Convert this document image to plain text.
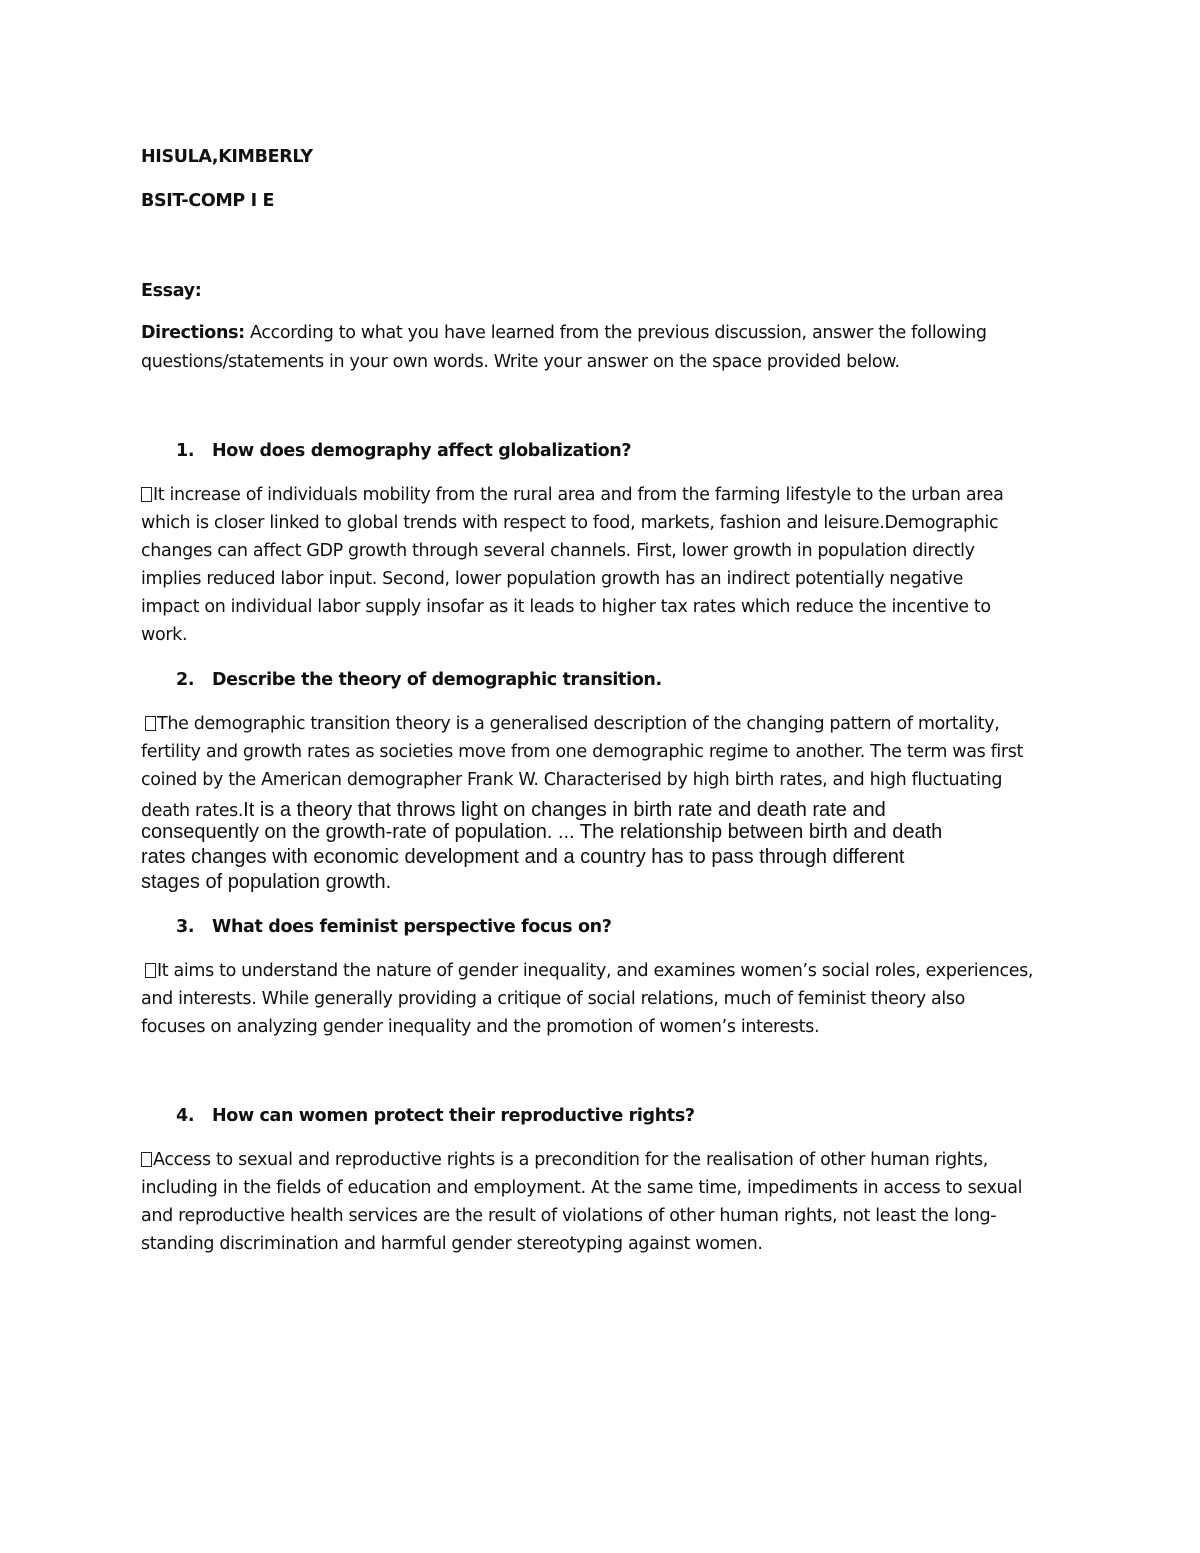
HISULA,KIMBERLY
BSIT-COMP I E
Essay:
Directions: According to what you have learned from the previous discussion, answer the following
questions/statements in your own words. Write your answer on the space provided below.
1. How does demography affect globalization?
It increase of individuals mobility from the rural area and from the farming lifestyle to the urban area
which is closer linked to global trends with respect to food, markets, fashion and leisure.Demographic
changes can affect GDP growth through several channels. First, lower growth in population directly
implies reduced labor input. Second, lower population growth has an indirect potentially negative
impact on individual labor supply insofar as it leads to higher tax rates which reduce the incentive to
work.
2. Describe the theory of demographic transition.
The demographic transition theory is a generalised description of the changing pattern of mortality,
fertility and growth rates as societies move from one demographic regime to another. The term was first
coined by the American demographer Frank W. Characterised by high birth rates, and high fluctuating
death rates.It is a theory that throws light on changes in birth rate and death rate and
consequently on the growth-rate of population. ... The relationship between birth and death
rates changes with economic development and a country has to pass through different
stages of population growth.
3. What does feminist perspective focus on?
It aims to understand the nature of gender inequality, and examines women’s social roles, experiences,
and interests. While generally providing a critique of social relations, much of feminist theory also
focuses on analyzing gender inequality and the promotion of women’s interests.
4. How can women protect their reproductive rights?
Access to sexual and reproductive rights is a precondition for the realisation of other human rights,
including in the fields of education and employment. At the same time, impediments in access to sexual
and reproductive health services are the result of violations of other human rights, not least the long-
standing discrimination and harmful gender stereotyping against women.
